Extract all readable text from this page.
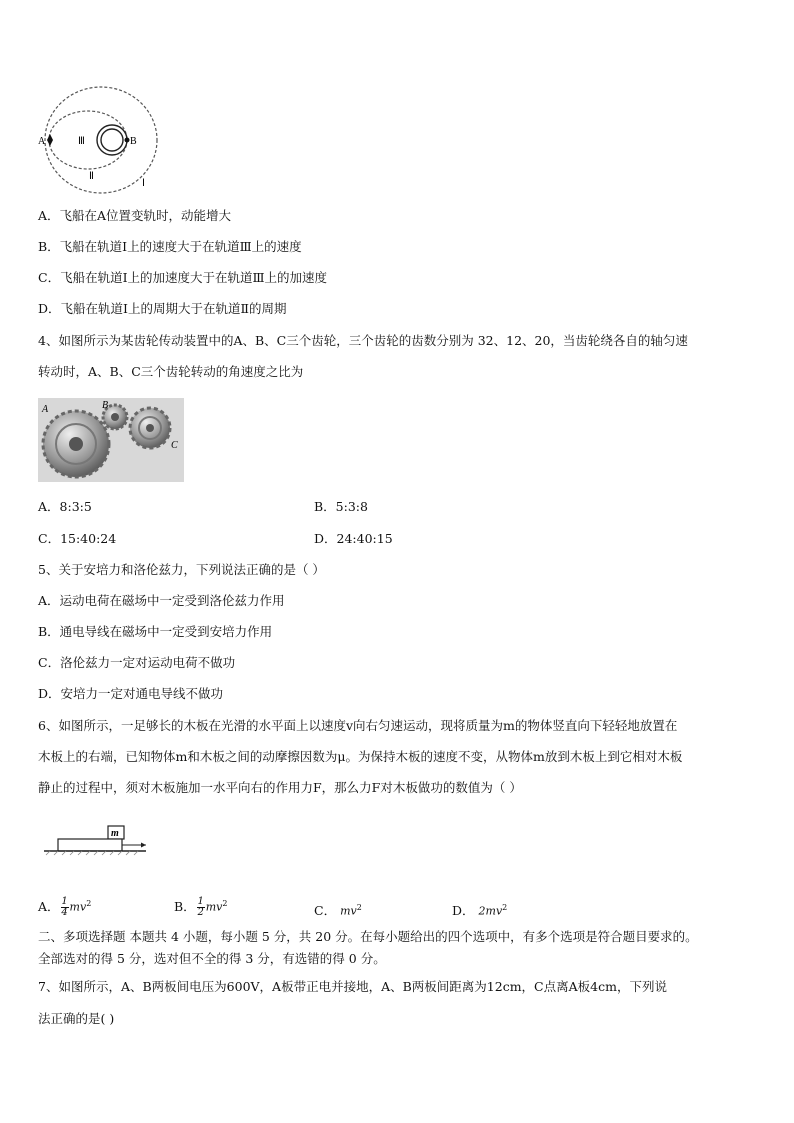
A	B
Ⅲ
Ⅱ
Ⅰ
A．飞船在A位置变轨时，动能增大
B．飞船在轨道Ⅰ上的速度大于在轨道Ⅲ上的速度
C．飞船在轨道Ⅰ上的加速度大于在轨道Ⅲ上的加速度
D．飞船在轨道Ⅰ上的周期大于在轨道Ⅱ的周期
4、如图所示为某齿轮传动装置中的A、B、C三个齿轮，三个齿轮的齿数分别为 32、12、20，当齿轮绕各自的轴匀速
转动时，A、B、C三个齿轮转动的角速度之比为
A	B
C
A．8:3:5	B．5:3:8
C．15:40:24	D．24:40:15
5、关于安培力和洛伦兹力，下列说法正确的是（ ）
A．运动电荷在磁场中一定受到洛伦兹力作用
B．通电导线在磁场中一定受到安培力作用
C．洛伦兹力一定对运动电荷不做功
D．安培力一定对通电导线不做功
6、如图所示，一足够长的木板在光滑的水平面上以速度v向右匀速运动，现将质量为m的物体竖直向下轻轻地放置在
木板上的右端，已知物体m和木板之间的动摩擦因数为μ。为保持木板的速度不变，从物体m放到木板上到它相对木板
静止的过程中，须对木板施加一水平向右的作用力F，那么力F对木板做功的数值为（ ）
m
A． $\frac{1}{4} mv^2$	B． $\frac{1}{2} mv^2$	C． $mv^2$	D． $2mv^2$
二、多项选择题 本题共 4 小题，每小题 5 分，共 20 分。在每小题给出的四个选项中，有多个选项是符合题目要求的。
全部选对的得 5 分，选对但不全的得 3 分，有选错的得 0 分。
7、如图所示，A、B两板间电压为600V，A板带正电并接地，A、B两板间距离为12cm，C点离A板4cm，下列说
法正确的是( )
